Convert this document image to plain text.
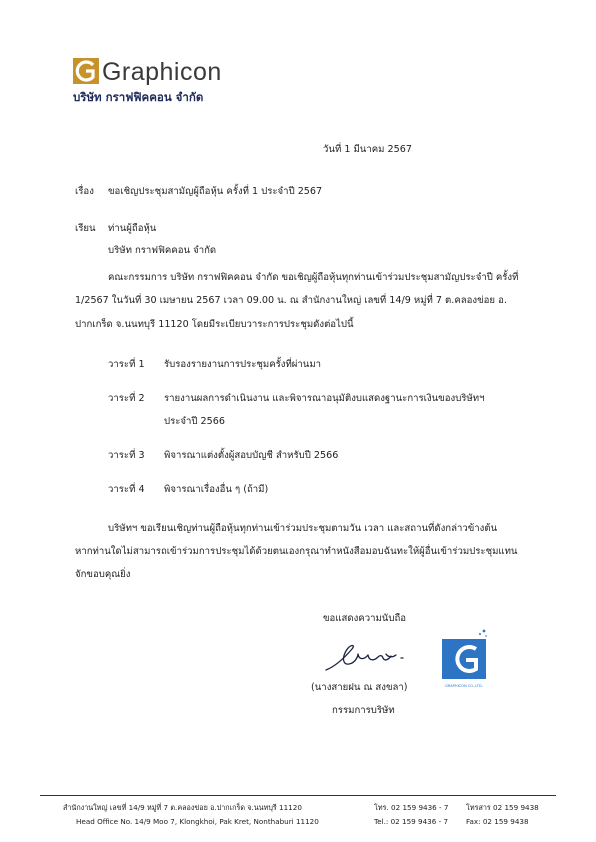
Graphicon
บริษัท กราฟฟิคคอน จำกัด
วันที่ 1 มีนาคม 2567
เรื่อง ขอเชิญประชุมสามัญผู้ถือหุ้น ครั้งที่ 1 ประจำปี 2567
เรียน ท่านผู้ถือหุ้น
บริษัท กราฟฟิคคอน จำกัด
คณะกรรมการ บริษัท กราฟฟิคคอน จำกัด ขอเชิญผู้ถือหุ้นทุกท่านเข้าร่วมประชุมสามัญประจำปี ครั้งที่
1/2567 ในวันที่ 30 เมษายน 2567 เวลา 09.00 น. ณ สำนักงานใหญ่ เลขที่ 14/9 หมู่ที่ 7 ต.คลองข่อย อ.
ปากเกร็ด จ.นนทบุรี 11120 โดยมีระเบียบวาระการประชุมดังต่อไปนี้
วาระที่ 1 รับรองรายงานการประชุมครั้งที่ผ่านมา
วาระที่ 2 รายงานผลการดำเนินงาน และพิจารณาอนุมัติงบแสดงฐานะการเงินของบริษัทฯ
ประจำปี 2566
วาระที่ 3 พิจารณาแต่งตั้งผู้สอบบัญชี สำหรับปี 2566
วาระที่ 4 พิจารณาเรื่องอื่น ๆ (ถ้ามี)
บริษัทฯ ขอเรียนเชิญท่านผู้ถือหุ้นทุกท่านเข้าร่วมประชุมตามวัน เวลา และสถานที่ดังกล่าวข้างต้น
หากท่านใดไม่สามารถเข้าร่วมการประชุมได้ด้วยตนเองกรุณาทำหนังสือมอบฉันทะให้ผู้อื่นเข้าร่วมประชุมแทน
จักขอบคุณยิ่ง
ขอแสดงความนับถือ
GRAPHICON CO.,LTD.
(นางสายฝน ณ สงขลา)
กรรมการบริษัท
สำนักงานใหญ่ เลขที่ 14/9 หมู่ที่ 7 ต.คลองข่อย อ.ปากเกร็ด จ.นนทบุรี 11120	โทร. 02 159 9436 - 7 โทรสาร 02 159 9438
Head Office No. 14/9 Moo 7, Klongkhoi, Pak Kret, Nonthaburi 11120	Tel.: 02 159 9436 - 7 Fax: 02 159 9438
